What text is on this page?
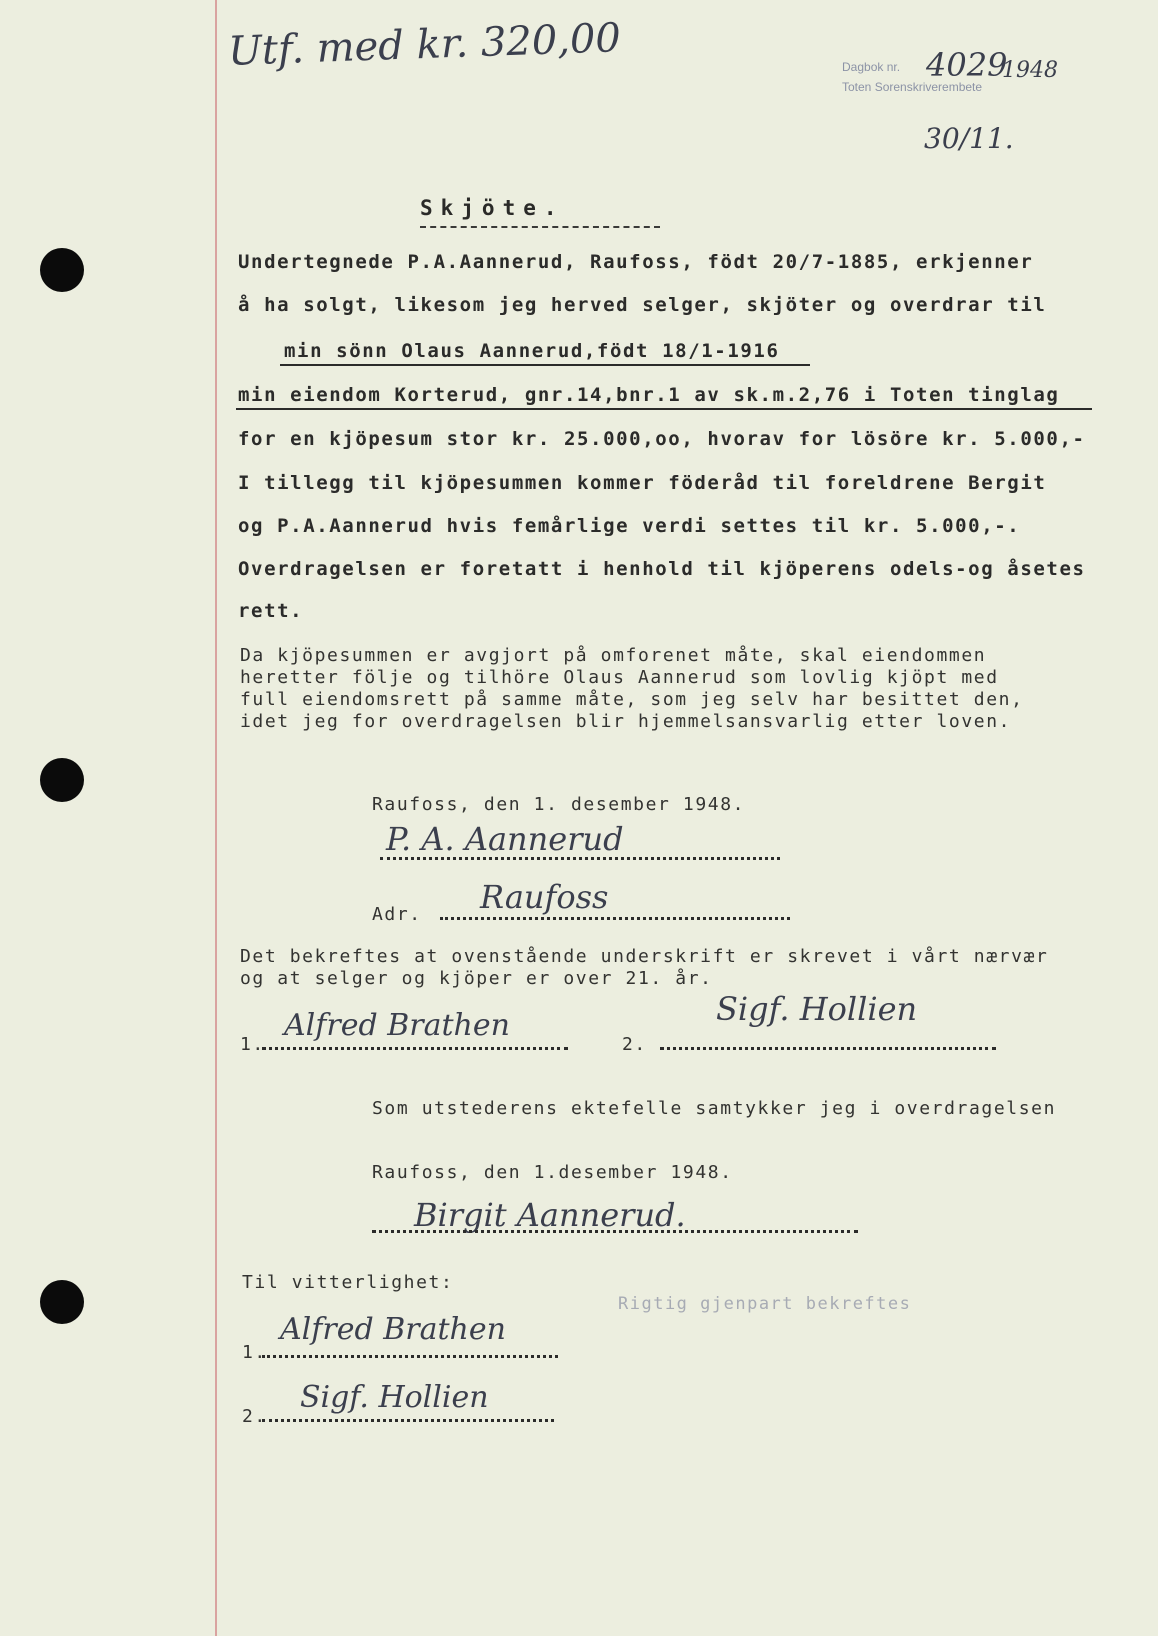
Utf. med kr. 320,00	Dagbok nr.
Toten Sorenskriverembete
4029
1948
30/11.
Skjöte.
Undertegnede P.A.Aannerud, Raufoss, födt 20/7-1885, erkjenner
å ha solgt, likesom jeg herved selger, skjöter og overdrar til
min sönn Olaus Aannerud,födt 18/1-1916
min eiendom Korterud, gnr.14,bnr.1 av sk.m.2,76 i Toten tinglag
for en kjöpesum stor kr. 25.000,oo, hvorav for lösöre kr. 5.000,-
I tillegg til kjöpesummen kommer föderåd til foreldrene Bergit
og P.A.Aannerud hvis femårlige verdi settes til kr. 5.000,-.
Overdragelsen er foretatt i henhold til kjöperens odels-og åsetes
rett.
Da kjöpesummen er avgjort på omforenet måte, skal eiendommen
heretter följe og tilhöre Olaus Aannerud som lovlig kjöpt med
full eiendomsrett på samme måte, som jeg selv har besittet den,
idet jeg for overdragelsen blir hjemmelsansvarlig etter loven.
Raufoss, den 1. desember 1948.
P. A. Aannerud
Adr. Raufoss
Det bekreftes at ovenstående underskrift er skrevet i vårt nærvær
og at selger og kjöper er over 21. år.
1.
Alfred Brathen
2.
Sigf. Hollien
Som utstederens ektefelle samtykker jeg i overdragelsen
Raufoss, den 1.desember 1948.
Birgit Aannerud.
Til vitterlighet:
Rigtig gjenpart bekreftes
1.
Alfred Brathen
2.
Sigf. Hollien
